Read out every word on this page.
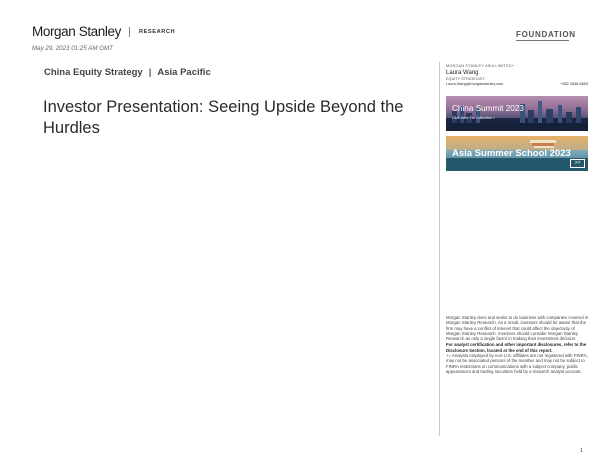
Morgan Stanley	RESEARCH
May 29, 2023 01:25 AM GMT
FOUNDATION
China Equity Strategy | Asia Pacific
Investor Presentation: Seeing Upside Beyond the Hurdles
MORGAN STANLEY ASIA LIMITED+
Laura Wang
EQUITY STRATEGIST
Laura.Wang@morganstanley.com	+852 2848-6853
China Summit 2023
Click Here For Collection >
Asia Summer School 2023
>>

Morgan Stanley does and seeks to do business with companies covered in Morgan Stanley Research. As a result, investors should be aware that the firm may have a conflict of interest that could affect the objectivity of Morgan Stanley Research. Investors should consider Morgan Stanley Research as only a single factor in making their investment decision.

For analyst certification and other important disclosures, refer to the Disclosure Section, located at the end of this report.

+= Analysts employed by non-U.S. affiliates are not registered with FINRA, may not be associated persons of the member and may not be subject to FINRA restrictions on communications with a subject company, public appearances and trading securities held by a research analyst account.

1
